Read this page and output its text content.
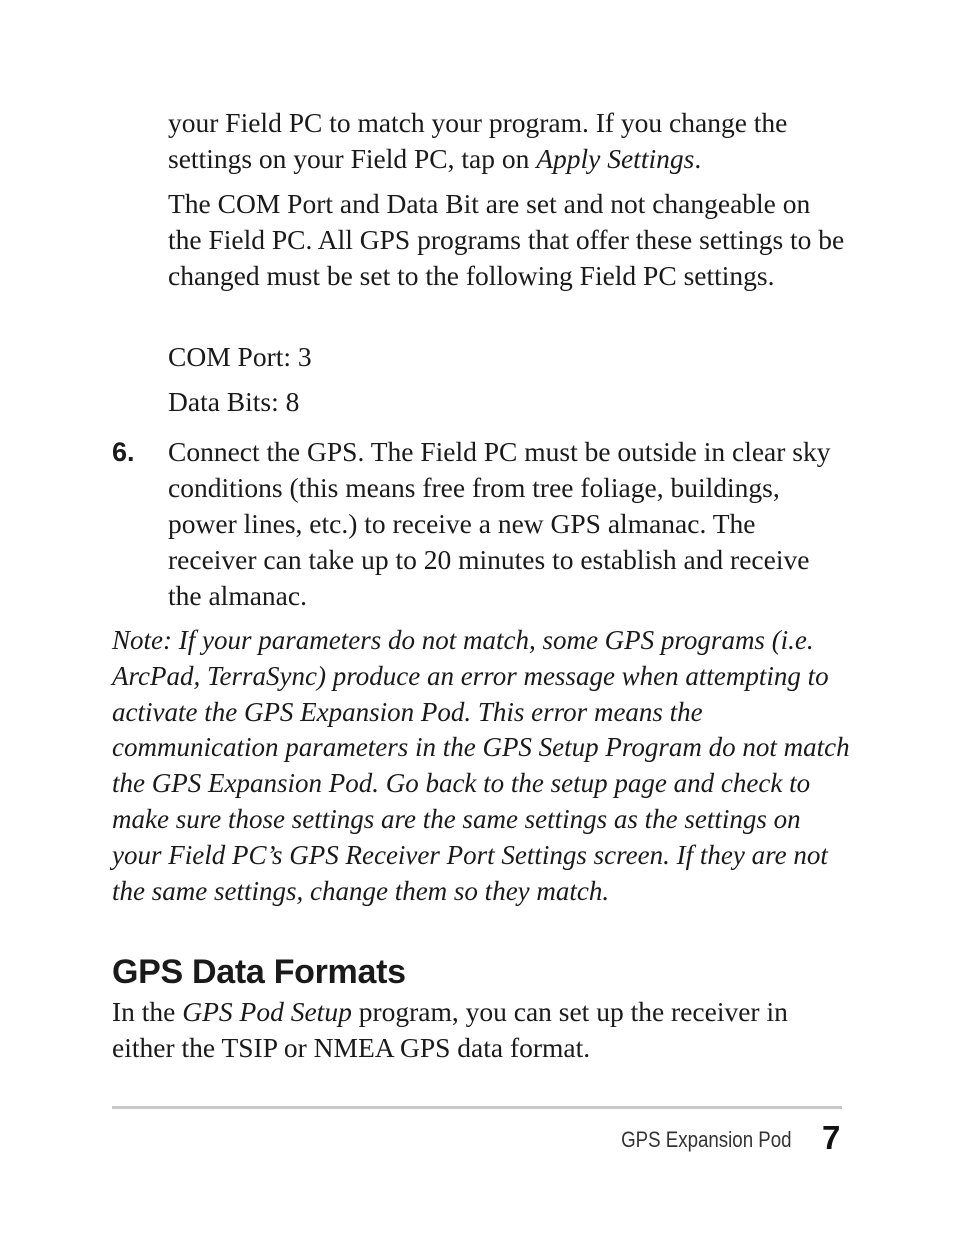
your Field PC to match your program. If you change the settings on your Field PC, tap on Apply Settings.

The COM Port and Data Bit are set and not changeable on the Field PC. All GPS programs that offer these settings to be changed must be set to the following Field PC settings.

COM Port: 3

Data Bits: 8

6. Connect the GPS. The Field PC must be outside in clear sky conditions (this means free from tree foliage, buildings, power lines, etc.) to receive a new GPS almanac. The receiver can take up to 20 minutes to establish and receive the almanac.
Note: If your parameters do not match, some GPS programs (i.e. ArcPad, TerraSync) produce an error message when attempting to activate the GPS Expansion Pod. This error means the communication parameters in the GPS Setup Program do not match the GPS Expansion Pod. Go back to the setup page and check to make sure those settings are the same settings as the settings on your Field PC’s GPS Receiver Port Settings screen. If they are not the same settings, change them so they match.
GPS Data Formats
In the GPS Pod Setup program, you can set up the receiver in either the TSIP or NMEA GPS data format.
GPS Expansion Pod 7
